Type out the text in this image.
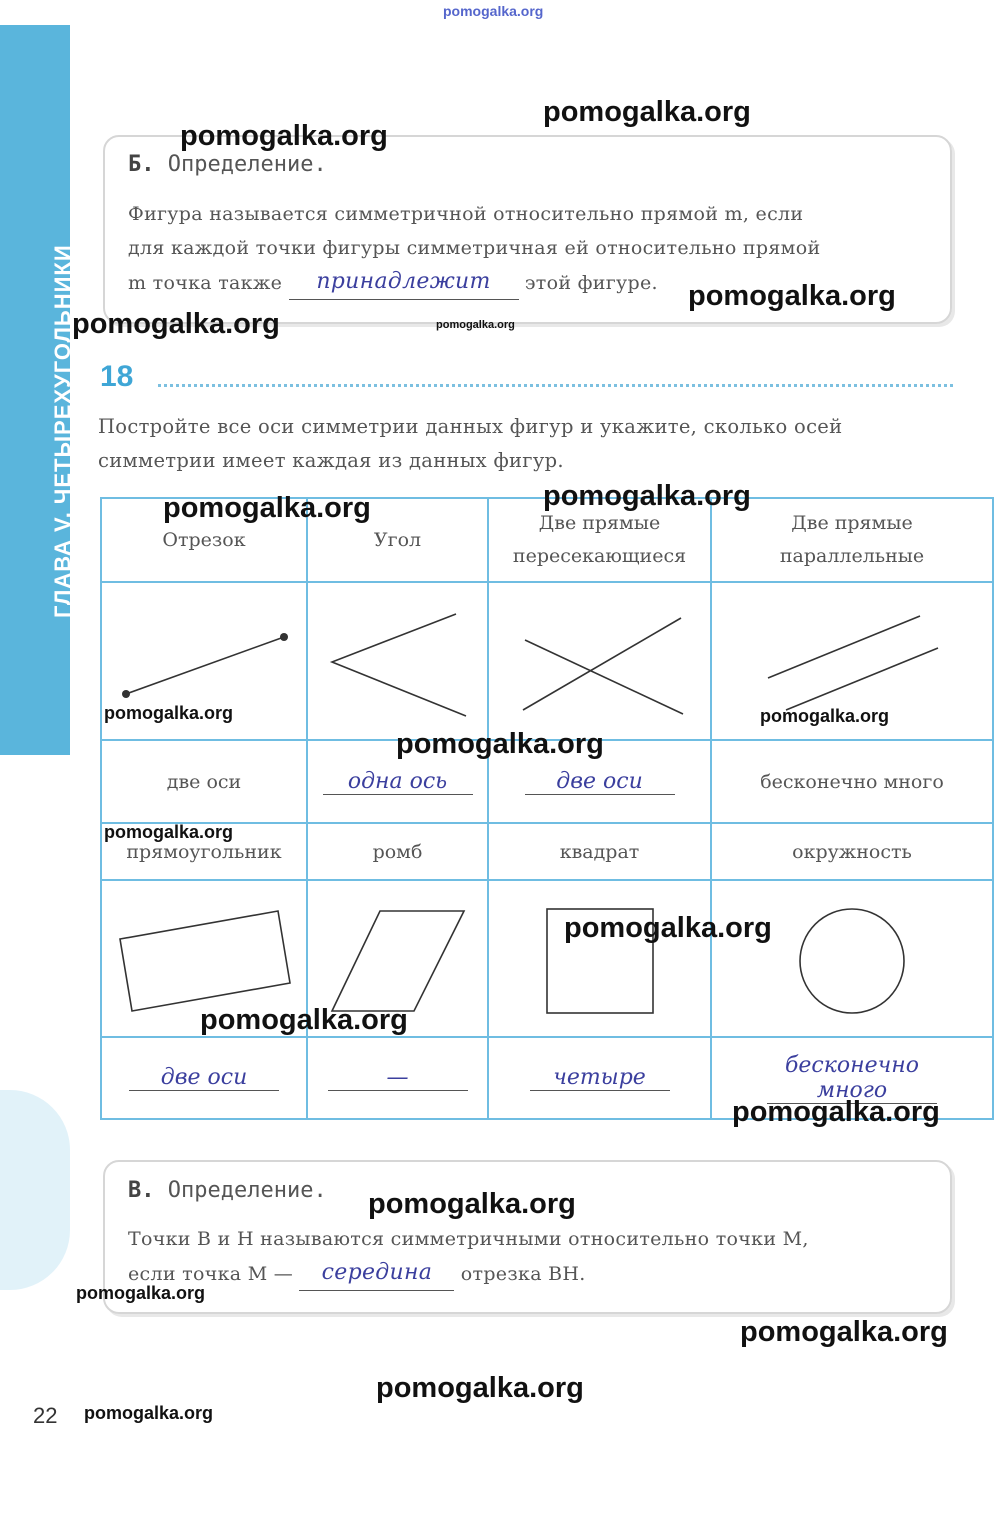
pomogalka.org
ГЛАВА V. ЧЕТЫРЕХУГОЛЬНИКИ
Б. Определение.
Фигура называется симметричной относительно прямой m, если
для каждой точки фигуры симметричная ей относительно прямой
m точка также принадлежит этой фигуре.
18
Постройте все оси симметрии данных фигур и укажите, сколько осей симметрии имеет каждая из данных фигур.
Отрезок	Угол	Две прямые пересекающиеся	Две прямые параллельные

две оси	одна ось	две оси	бесконечно много
прямоугольник	ромб	квадрат	окружность

две оси	—	четыре	бесконечно много
В. Определение.
Точки B и H называются симметричными относительно точки M,
если точка M — середина отрезка BH.
22
pomogalka.org
pomogalka.org
pomogalka.org
pomogalka.org	pomogalka.org
pomogalka.org	pomogalka.org
pomogalka.org	pomogalka.org
pomogalka.org
pomogalka.org
pomogalka.org
pomogalka.org
pomogalka.org
pomogalka.org
pomogalka.org
pomogalka.org
pomogalka.org
pomogalka.org
